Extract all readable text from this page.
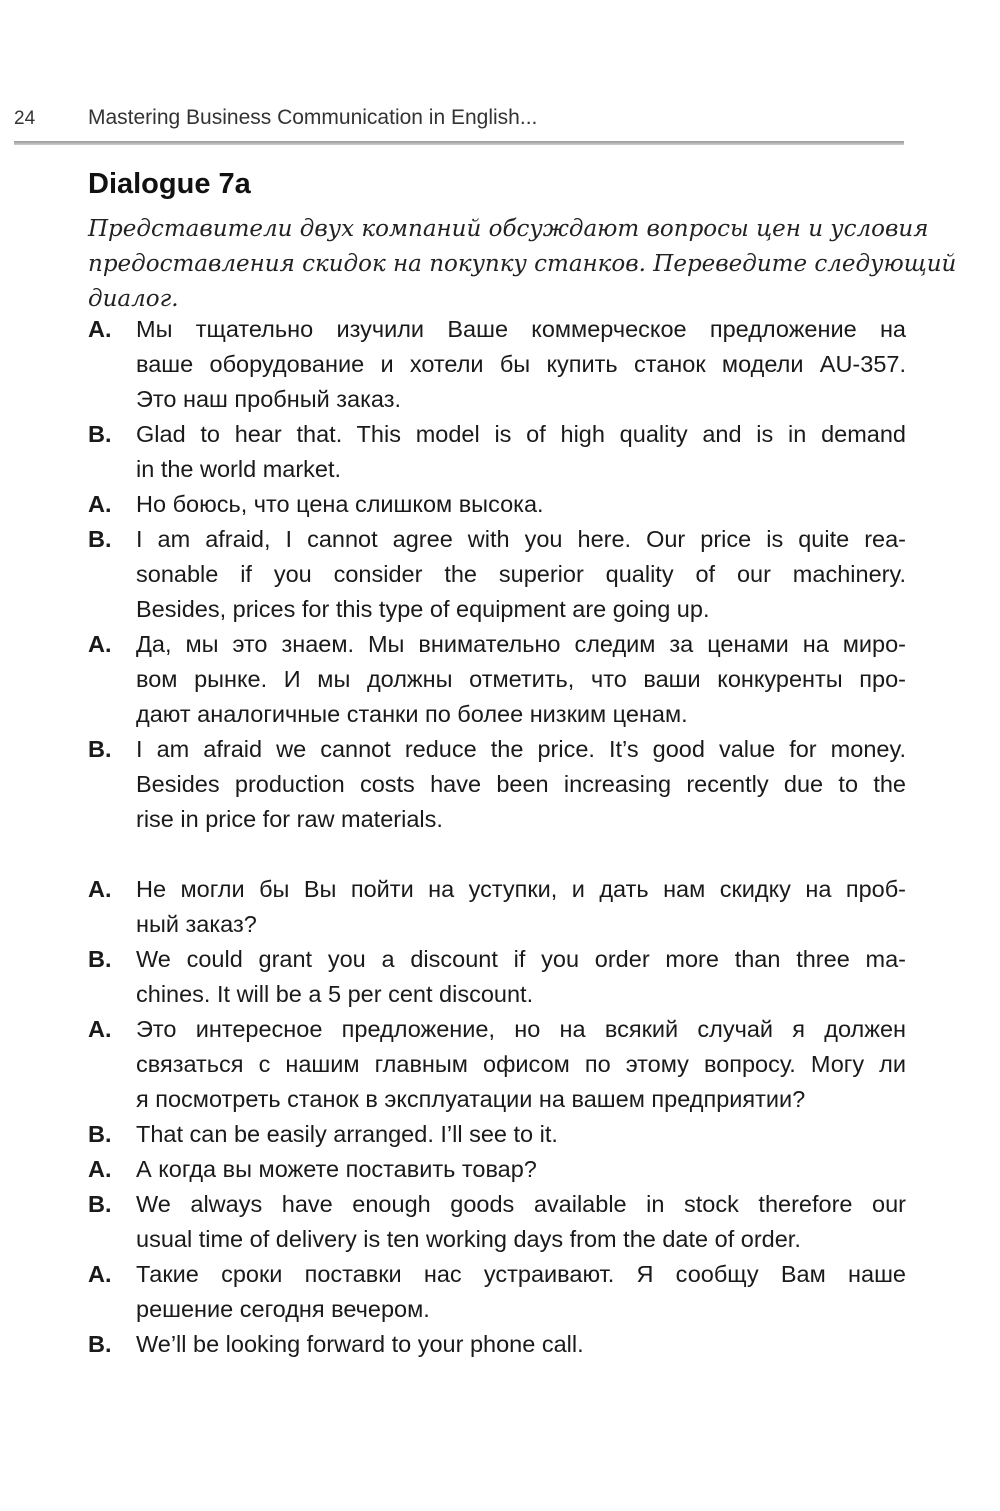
24	Mastering Business Communication in English...
Dialogue 7a
Представители двух компаний обсуждают вопросы цен и условия
предоставления скидок на покупку станков. Переведите следующий
диалог.
A.	Мы тщательно изучили Ваше коммерческое предложение на
ваше оборудование и хотели бы купить станок модели AU-357.
Это наш пробный заказ.
B.	Glad to hear that. This model is of high quality and is in demand
in the world market.
A.	Но боюсь, что цена слишком высока.
B.	I am afraid, I cannot agree with you here. Our price is quite rea-
sonable if you consider the superior quality of our machinery.
Besides, prices for this type of equipment are going up.
A.	Да, мы это знаем. Мы внимательно следим за ценами на миро-
вом рынке. И мы должны отметить, что ваши конкуренты про-
дают аналогичные станки по более низким ценам.
B.	I am afraid we cannot reduce the price. It’s good value for money.
Besides production costs have been increasing recently due to the
rise in price for raw materials.
A.	Не могли бы Вы пойти на уступки, и дать нам скидку на проб-
ный заказ?
B.	We could grant you a discount if you order more than three ma-
chines. It will be a 5 per cent discount.
A.	Это интересное предложение, но на всякий случай я должен
связаться с нашим главным офисом по этому вопросу. Могу ли
я посмотреть станок в эксплуатации на вашем предприятии?
B.	That can be easily arranged. I’ll see to it.
A.	А когда вы можете поставить товар?
B.	We always have enough goods available in stock therefore our
usual time of delivery is ten working days from the date of order.
A.	Такие сроки поставки нас устраивают. Я сообщу Вам наше
решение сегодня вечером.
B.	We’ll be looking forward to your phone call.
